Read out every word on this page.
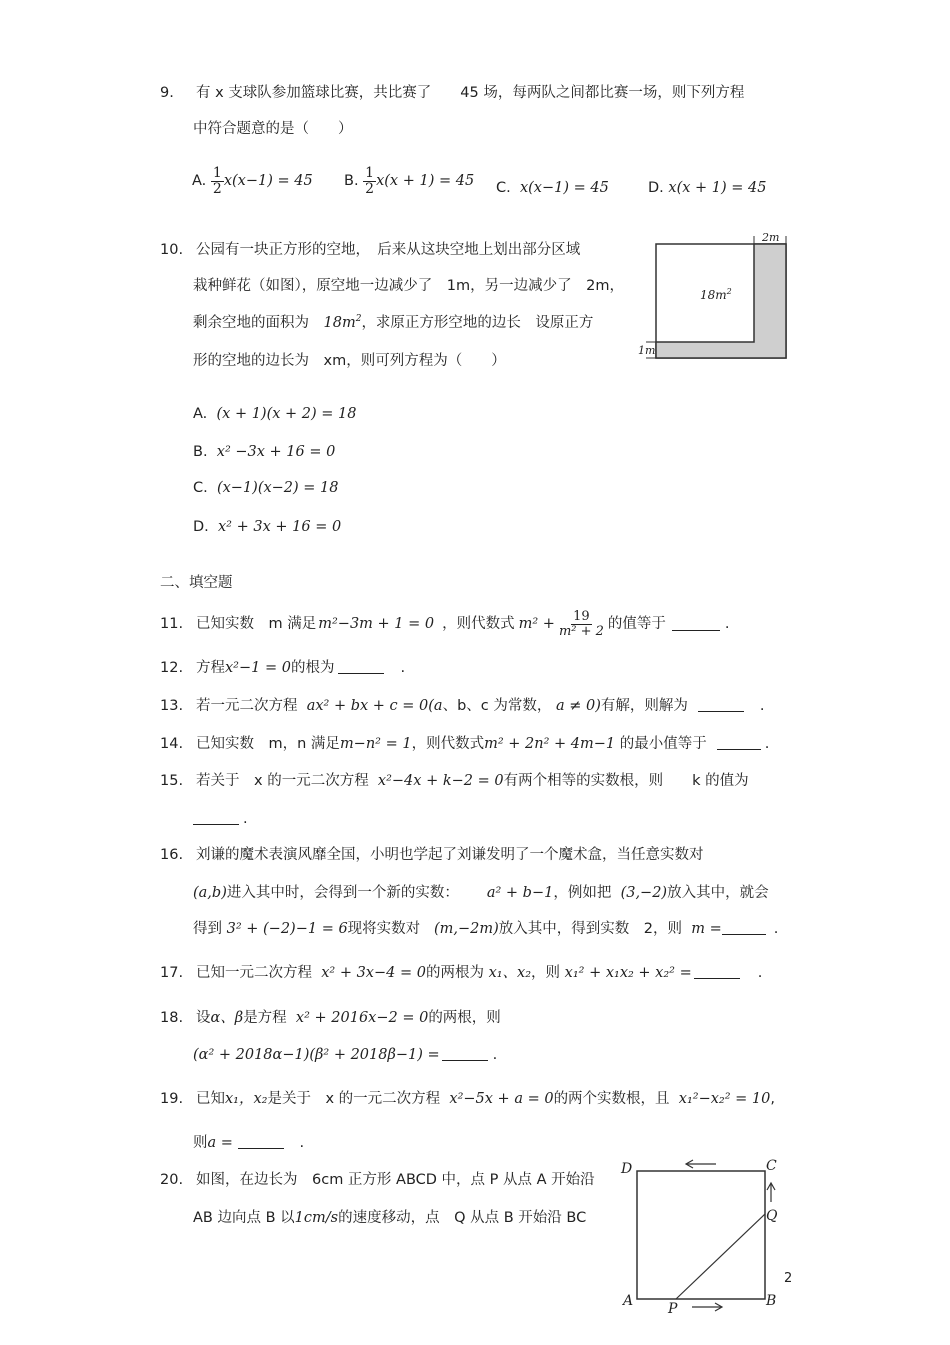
9. 有 x 支球队参加篮球比赛，共比赛了　　45 场，每两队之间都比赛一场，则下列方程
中符合题意的是（　　）
A. $\frac{1}{2} x(x-1) = 45$ B. $\frac{1}{2} x(x + 1) = 45$ C. x(x−1) = 45	D. x(x + 1) = 45
10. 公园有一块正方形的空地，　后来从这块空地上划出部分区域
栽种鲜花（如图），原空地一边减少了　1m，另一边减少了　2m，
剩余空地的面积为　$18m^2$，求原正方形空地的边长　设原正方
形的空地的边长为　xm，则可列方程为（　　）
$18m^2$
2m
1m
A. (x + 1)(x + 2) = 18
B. x² −3x + 16 = 0
C. (x−1)(x−2) = 18
D. x² + 3x + 16 = 0
二、填空题
11. 已知实数　m 满足 m²−3m + 1 = 0 ，则代数式 $m^2 + \frac{19}{\text{m² + 2}}$ 的值等于	.
12. 方程x²−1 = 0的根为	.
13. 若一元二次方程 ax² + bx + c = 0(a、b、c 为常数， a ≠ 0)有解，则解为	.
14. 已知实数　m，n 满足m−n² = 1，则代数式m² + 2n² + 4m−1 的最小值等于	.
15. 若关于　x 的一元二次方程 x²−4x + k−2 = 0有两个相等的实数根，则　　k 的值为
.
16. 刘谦的魔术表演风靡全国，小明也学起了刘谦发明了一个魔术盒，当任意实数对
(a,b)进入其中时，会得到一个新的实数： a² + b−1，例如把 (3,−2)放入其中，就会
得到 3² + (−2)−1 = 6现将实数对 (m,−2m)放入其中，得到实数　2，则 m =	.
17. 已知一元二次方程 x² + 3x−4 = 0的两根为 x₁、x₂，则 x₁² + x₁x₂ + x₂² =	.
18. 设α、β是方程 x² + 2016x−2 = 0的两根，则
(α² + 2018α−1)(β² + 2018β−1) =	.
19. 已知x₁，x₂是关于　x 的一元二次方程 x²−5x + a = 0的两个实数根，且 x₁²−x₂² = 10,
则a =	.
20. 如图，在边长为　6cm 正方形 ABCD 中，点 P 从点 A 开始沿
AB 边向点 B 以1cm/s的速度移动，点　Q 从点 B 开始沿 BC
D	C
Q
A	B
P
2
